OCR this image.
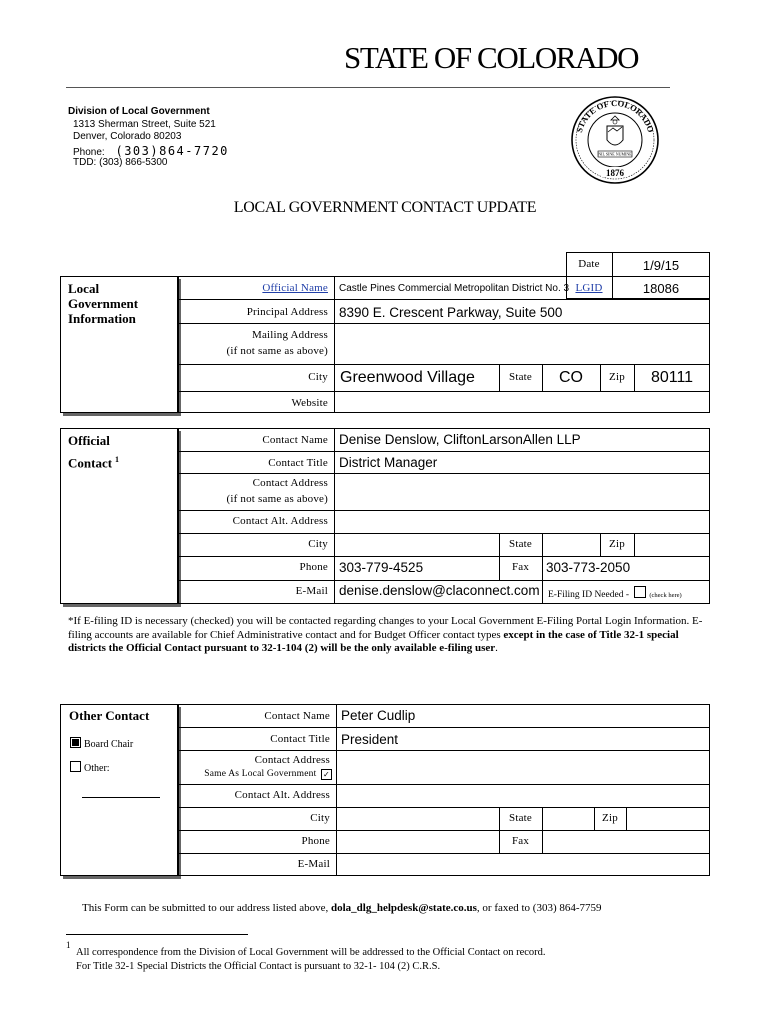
STATE OF COLORADO
Division of Local Government
1313 Sherman Street, Suite 521
Denver, Colorado 80203
Phone: (303)864-7720
TDD: (303) 866-5300
STATE OF COLORADO
NIL SINE NUMINE
1876
LOCAL GOVERNMENT CONTACT UPDATE
Date	1/9/15
LGID	18086
Local Government Information
Official Name Castle Pines Commercial Metropolitan District No. 3
Principal Address 8390 E. Crescent Parkway, Suite 500
Mailing Address
(if not same as above)
City Greenwood Village	State	CO	Zip	80111
Website
Official
Contact $^1$
Contact Name Denise Denslow, CliftonLarsonAllen LLP
Contact Title District Manager
Contact Address
(if not same as above)
Contact Alt. Address
City	State	Zip
Phone 303-779-4525	Fax	303-773-2050
E-Mail denise.denslow@claconnect.com E-Filing ID Needed -	(check here)
*If E-filing ID is necessary (checked) you will be contacted regarding changes to your Local Government E-Filing Portal Login Information. E-filing accounts are available for Chief Administrative contact and for Budget Officer contact types except in the case of Title 32-1 special districts the Official Contact pursuant to 32-1-104 (2) will be the only available e-filing user.
Other Contact
Board Chair
Other:
Contact Name Peter Cudlip
Contact Title President
Contact Address
Same As Local Government ✓
Contact Alt. Address
City	State	Zip
Phone	Fax
E-Mail
This Form can be submitted to our address listed above, dola_dlg_helpdesk@state.co.us, or faxed to (303) 864-7759
1
All correspondence from the Division of Local Government will be addressed to the Official Contact on record.
For Title 32-1 Special Districts the Official Contact is pursuant to 32-1- 104 (2) C.R.S.
